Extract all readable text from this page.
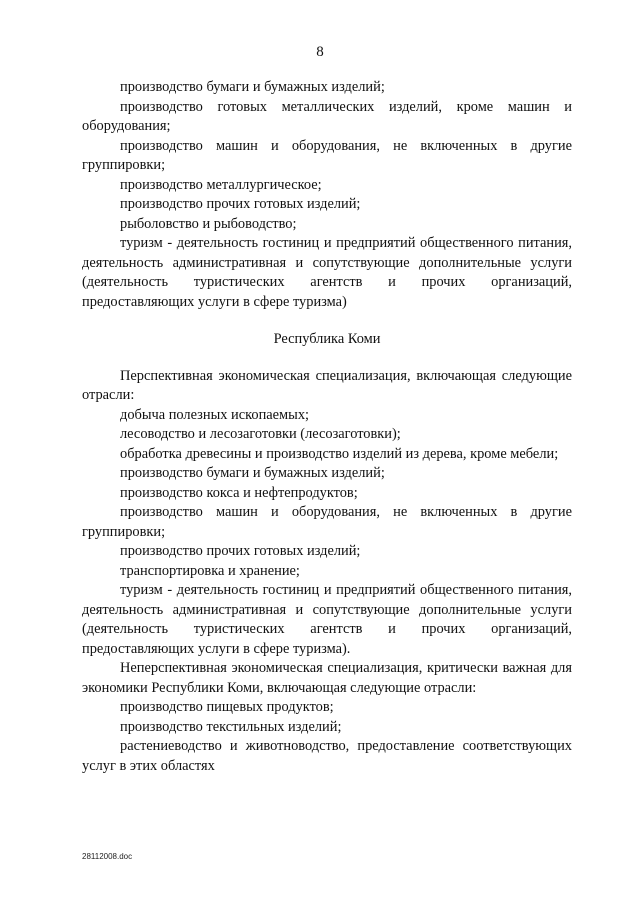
8

производство бумаги и бумажных изделий;

производство готовых металлических изделий, кроме машин и оборудования;

производство машин и оборудования, не включенных в другие группировки;

производство металлургическое;

производство прочих готовых изделий;

рыболовство и рыбоводство;

туризм - деятельность гостиниц и предприятий общественного питания, деятельность административная и сопутствующие дополнительные услуги (деятельность туристических агентств и прочих организаций, предоставляющих услуги в сфере туризма)

Республика Коми

Перспективная экономическая специализация, включающая следующие отрасли:

добыча полезных ископаемых;

лесоводство и лесозаготовки (лесозаготовки);

обработка древесины и производство изделий из дерева, кроме мебели;

производство бумаги и бумажных изделий;

производство кокса и нефтепродуктов;

производство машин и оборудования, не включенных в другие группировки;

производство прочих готовых изделий;

транспортировка и хранение;

туризм - деятельность гостиниц и предприятий общественного питания, деятельность административная и сопутствующие дополнительные услуги (деятельность туристических агентств и прочих организаций, предоставляющих услуги в сфере туризма).

Неперспективная экономическая специализация, критически важная для экономики Республики Коми, включающая следующие отрасли:

производство пищевых продуктов;

производство текстильных изделий;

растениеводство и животноводство, предоставление соответствующих услуг в этих областях

28112008.doc
